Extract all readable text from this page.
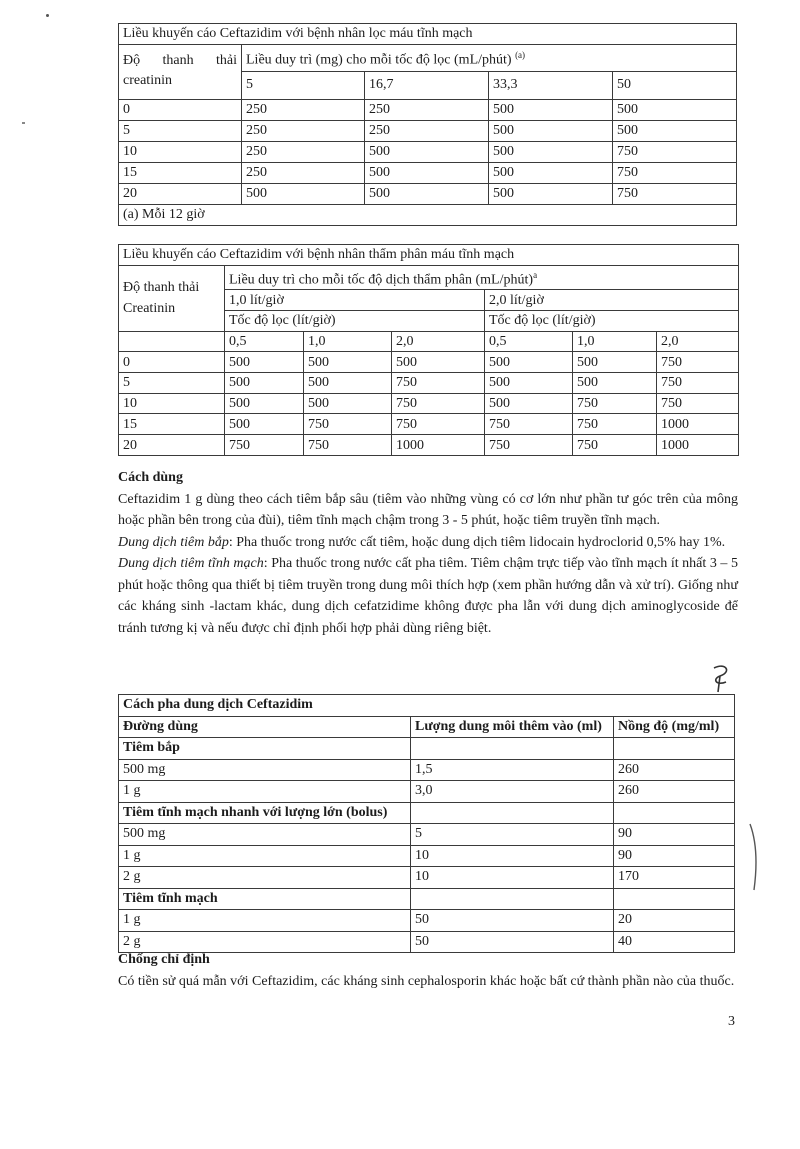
Liều khuyến cáo Ceftazidim với bệnh nhân lọc máu tĩnh mạch				

Độ thanh thải
creatinin	Liều duy trì (mg) cho mỗi tốc độ lọc (mL/phút) $^{(a)}$
	5	16,7	33,3	50
0	250	250	500	500
5	250	250	500	500
10	250	500	500	750
15	250	500	500	750
20	500	500	500	750
(a) Mỗi 12 giờ				
Liều khuyến cáo Ceftazidim với bệnh nhân thẩm phân máu tĩnh mạch						

Độ thanh thải
Creatinin	Liều duy trì cho mỗi tốc độ dịch thẩm phân (mL/phút)$^a$
	1,0 lít/giờ			2,0 lít/giờ		
	Tốc độ lọc (lít/giờ)			Tốc độ lọc (lít/giờ)		
	0,5	1,0	2,0	0,5	1,0	2,0
0	500	500	500	500	500	750
5	500	500	750	500	500	750
10	500	500	750	500	750	750
15	500	750	750	750	750	1000
20	750	750	1000	750	750	1000
Cách dùng
Ceftazidim 1 g dùng theo cách tiêm bắp sâu (tiêm vào những vùng có cơ lớn như phần tư góc trên của mông hoặc phần bên trong của đùi), tiêm tĩnh mạch chậm trong 3 - 5 phút, hoặc tiêm truyền tĩnh mạch.
Dung dịch tiêm bắp: Pha thuốc trong nước cất tiêm, hoặc dung dịch tiêm lidocain hydroclorid 0,5% hay 1%.
Dung dịch tiêm tĩnh mạch: Pha thuốc trong nước cất pha tiêm. Tiêm chậm trực tiếp vào tĩnh mạch ít nhất 3 – 5 phút hoặc thông qua thiết bị tiêm truyền trong dung môi thích hợp (xem phần hướng dẫn và xử trí). Giống như các kháng sinh -lactam khác, dung dịch cefatzidime không được pha lẫn với dung dịch aminoglycoside để tránh tương kị và nếu được chỉ định phối hợp phải dùng riêng biệt.
Cách pha dung dịch Ceftazidim		
Đường dùng	Lượng dung môi thêm vào (ml)	Nồng độ (mg/ml)
Tiêm bắp		
500 mg	1,5	260
1 g	3,0	260
Tiêm tĩnh mạch nhanh với lượng lớn (bolus)		
500 mg	5	90
1 g	10	90
2 g	10	170
Tiêm tĩnh mạch		
1 g	50	20
2 g	50	40
Chống chỉ định
Có tiền sử quá mẫn với Ceftazidim, các kháng sinh cephalosporin khác hoặc bất cứ thành phần nào của thuốc.
3
